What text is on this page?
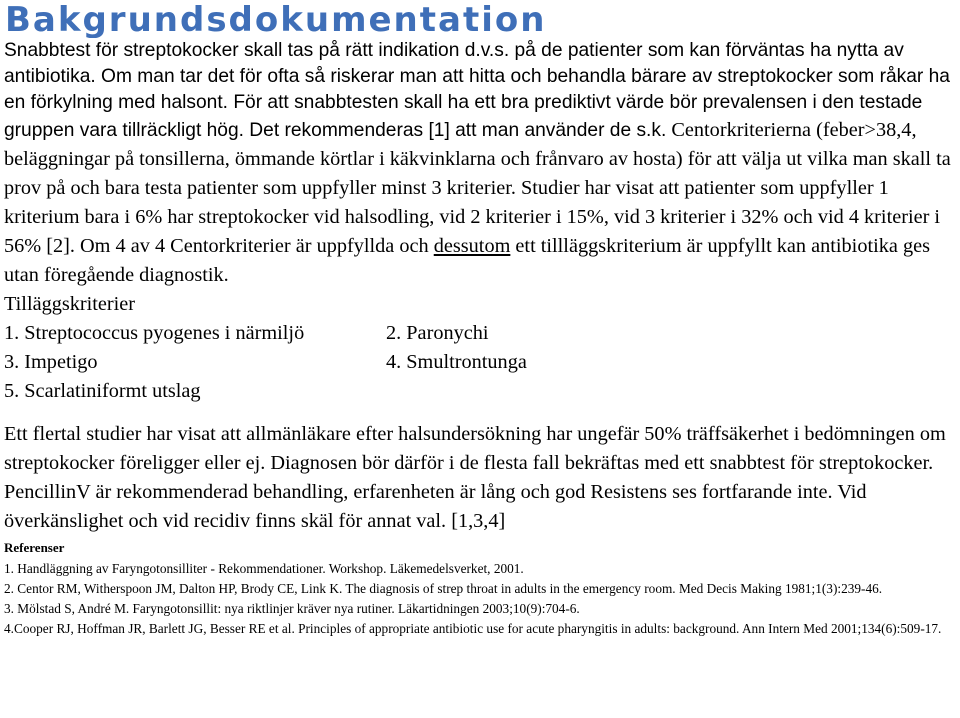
Bakgrundsdokumentation

Snabbtest för streptokocker skall tas på rätt indikation d.v.s. på de patienter som kan förväntas ha nytta av antibiotika. Om man tar det för ofta så riskerar man att hitta och behandla bärare av streptokocker som råkar ha en förkylning med halsont. För att snabbtesten skall ha ett bra prediktivt värde bör prevalensen i den testade gruppen vara tillräckligt hög. Det rekommenderas [1] att man använder de s.k.

Centorkriterierna (feber>38,4, beläggningar på tonsillerna, ömmande körtlar i käkvinklarna och frånvaro av hosta) för att välja ut vilka man skall ta prov på och bara testa patienter som uppfyller minst 3 kriterier. Studier har visat att patienter som uppfyller 1 kriterium bara i 6% har streptokocker vid halsodling, vid 2 kriterier i 15%, vid 3 kriterier i 32% och vid 4 kriterier i 56% [2]. Om 4 av 4 Centorkriterier är uppfyllda och dessutom ett tillläggskriterium är uppfyllt kan antibiotika ges utan föregående diagnostik.
Tilläggskriterier
1. Streptococcus pyogenes i närmiljö	2. Paronychi
3. Impetigo	4. Smultrontunga
5. Scarlatiniformt utslag

Ett flertal studier har visat att allmänläkare efter halsundersökning har ungefär 50% träffsäkerhet i bedömningen om streptokocker föreligger eller ej. Diagnosen bör därför i de flesta fall bekräftas med ett snabbtest för streptokocker. PencillinV är rekommenderad behandling, erfarenheten är lång och god Resistens ses fortfarande inte. Vid överkänslighet och vid recidiv finns skäl för annat val. [1,3,4]

Referenser

1. Handläggning av Faryngotonsilliter - Rekommendationer. Workshop. Läkemedelsverket, 2001.

2. Centor RM, Witherspoon JM, Dalton HP, Brody CE, Link K. The diagnosis of strep throat in adults in the emergency room. Med Decis Making 1981;1(3):239-46.

3. Mölstad S, André M. Faryngotonsillit: nya riktlinjer kräver nya rutiner. Läkartidningen 2003;10(9):704-6.

4.Cooper RJ, Hoffman JR, Barlett JG, Besser RE et al. Principles of appropriate antibiotic use for acute pharyngitis in adults: background. Ann Intern Med 2001;134(6):509-17.
